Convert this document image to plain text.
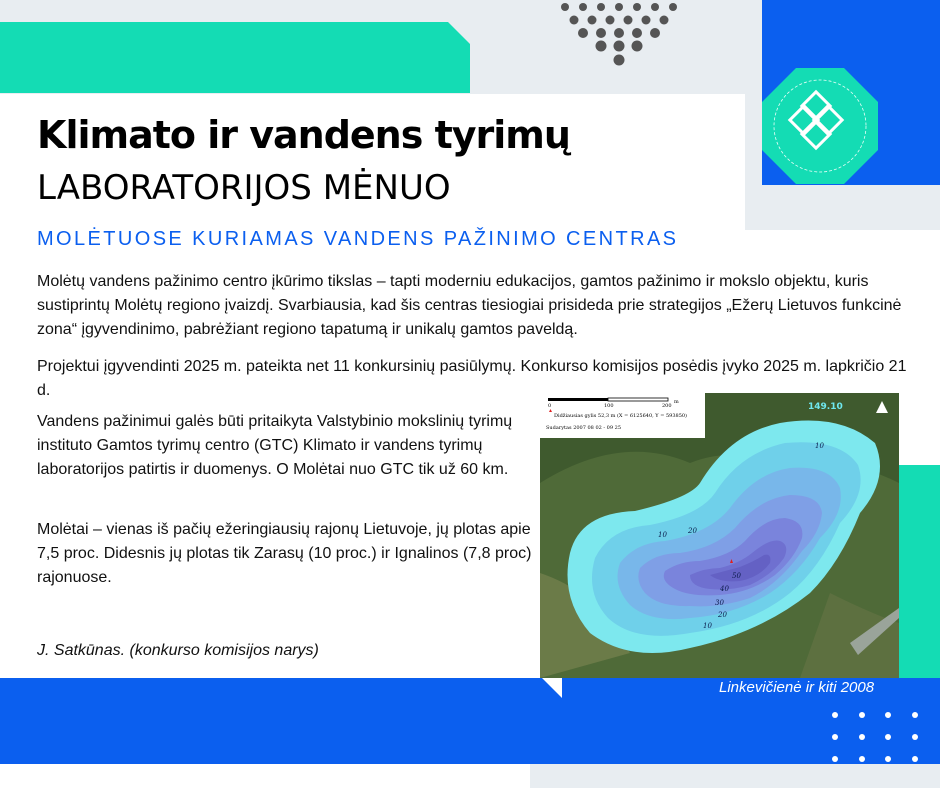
Klimato ir vandens tyrimų
LABORATORIJOS MĖNUO
MOLĖTUOSE KURIAMAS VANDENS PAŽINIMO CENTRAS

Molėtų vandens pažinimo centro įkūrimo tikslas – tapti moderniu edukacijos, gamtos pažinimo ir mokslo objektu, kuris sustiprintų Molėtų regiono įvaizdį. Svarbiausia, kad šis centras tiesiogiai prisideda prie strategijos „Ežerų Lietuvos funkcinė zona“ įgyvendinimo, pabrėžiant regiono tapatumą ir unikalų gamtos paveldą.

Projektui įgyvendinti 2025 m. pateikta net 11 konkursinių pasiūlymų. Konkurso komisijos posėdis įvyko 2025 m. lapkričio 21 d.

Vandens pažinimui galės būti pritaikyta Valstybinio mokslinių tyrimų instituto Gamtos tyrimų centro (GTC) Klimato ir vandens tyrimų laboratorijos patirtis ir duomenys. O Molėtai nuo GTC tik už 60 km.

Molėtai – vienas iš pačių ežeringiausių rajonų Lietuvoje, jų plotas apie 7,5 proc. Didesnis jų plotas tik Zarasų (10 proc.) ir Ignalinos (7,8 proc) rajonuose.

J. Satkūnas. (konkurso komisijos narys)
0	100	200
m
Didžiausias gylis 52,3 m (X = 6125640, Y = 593850)
Sudarytas 2007 08 02 - 09 25
149.10
10
20
10
20
30
40
50
10
Linkevičienė ir kiti 2008
